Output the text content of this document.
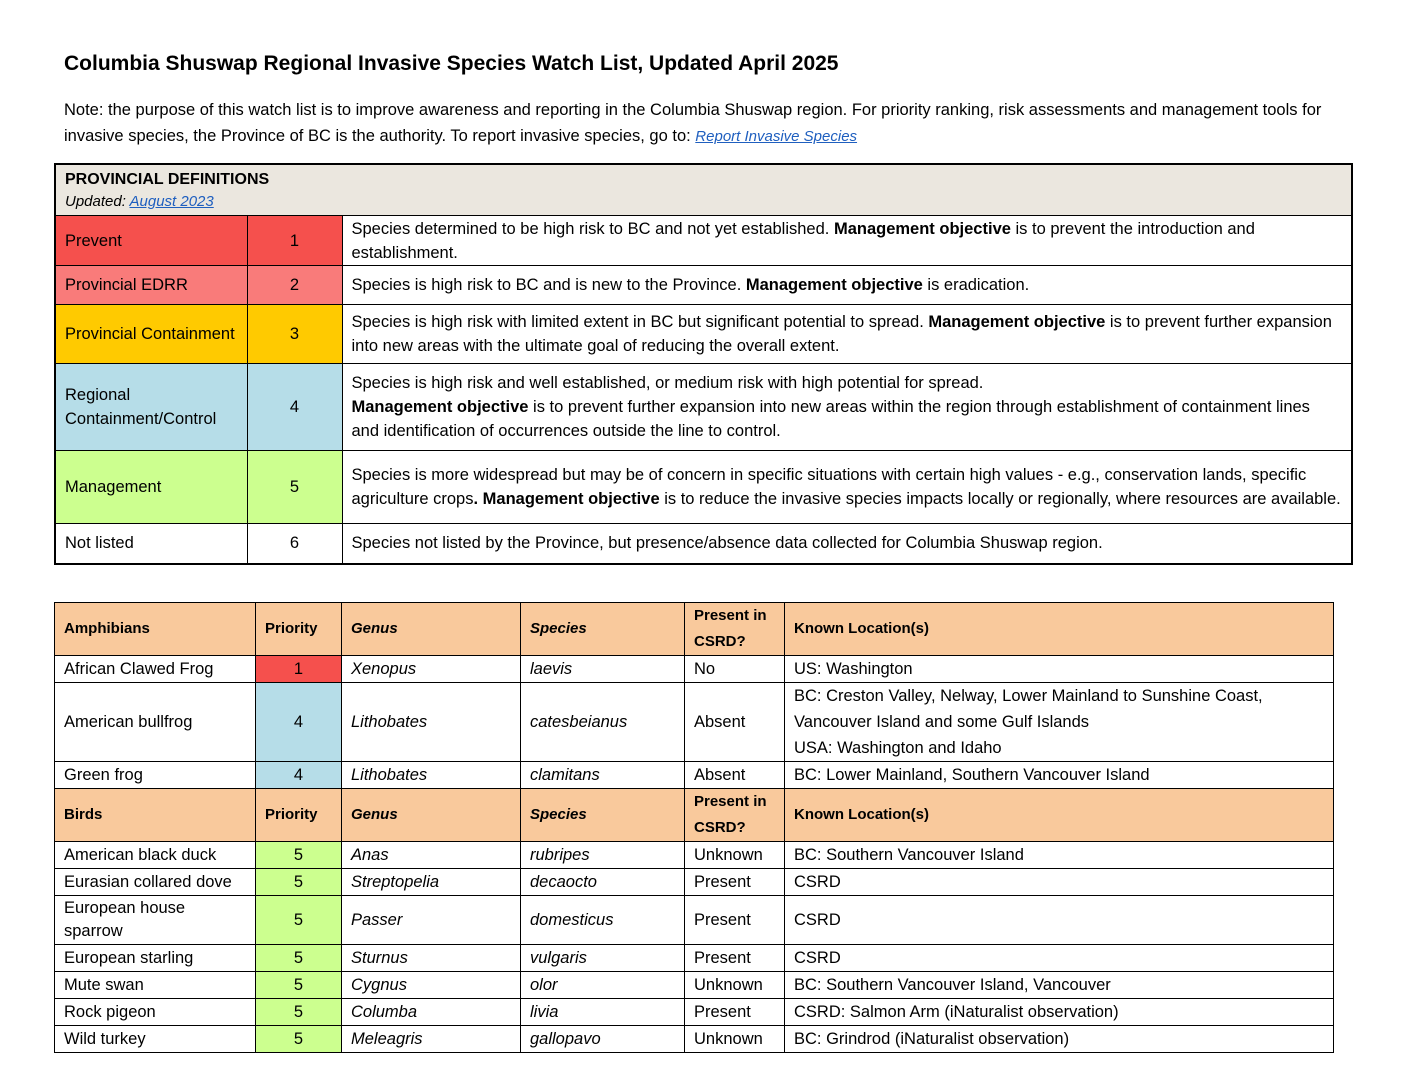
Columbia Shuswap Regional Invasive Species Watch List, Updated April 2025
Note: the purpose of this watch list is to improve awareness and reporting in the Columbia Shuswap region. For priority ranking, risk assessments and management tools for invasive species, the Province of BC is the authority. To report invasive species, go to: Report Invasive Species
PROVINCIAL DEFINITIONS
Updated: August 2023		

Prevent	1	Species determined to be high risk to BC and not yet established. Management objective is to prevent the introduction and establishment.
Provincial EDRR	2	Species is high risk to BC and is new to the Province. Management objective is eradication.
Provincial Containment	3	Species is high risk with limited extent in BC but significant potential to spread. Management objective is to prevent further expansion into new areas with the ultimate goal of reducing the overall extent.
Regional Containment/Control	4	Species is high risk and well established, or medium risk with high potential for spread.
Management objective is to prevent further expansion into new areas within the region through establishment of containment lines and identification of occurrences outside the line to control.
Management	5	Species is more widespread but may be of concern in specific situations with certain high values - e.g., conservation lands, specific agriculture crops. Management objective is to reduce the invasive species impacts locally or regionally, where resources are available.
Not listed	6	Species not listed by the Province, but presence/absence data collected for Columbia Shuswap region.
Amphibians	Priority	Genus	Species	Present in CSRD?	Known Location(s)
African Clawed Frog	1	Xenopus	laevis	No	US: Washington
American bullfrog	4	Lithobates	catesbeianus	Absent	BC: Creston Valley, Nelway, Lower Mainland to Sunshine Coast, Vancouver Island and some Gulf Islands
USA: Washington and Idaho
Green frog	4	Lithobates	clamitans	Absent	BC: Lower Mainland, Southern Vancouver Island
Birds	Priority	Genus	Species	Present in CSRD?	Known Location(s)
American black duck	5	Anas	rubripes	Unknown	BC: Southern Vancouver Island
Eurasian collared dove	5	Streptopelia	decaocto	Present	CSRD
European house sparrow	5	Passer	domesticus	Present	CSRD
European starling	5	Sturnus	vulgaris	Present	CSRD
Mute swan	5	Cygnus	olor	Unknown	BC: Southern Vancouver Island, Vancouver
Rock pigeon	5	Columba	livia	Present	CSRD: Salmon Arm (iNaturalist observation)
Wild turkey	5	Meleagris	gallopavo	Unknown	BC: Grindrod (iNaturalist observation)
